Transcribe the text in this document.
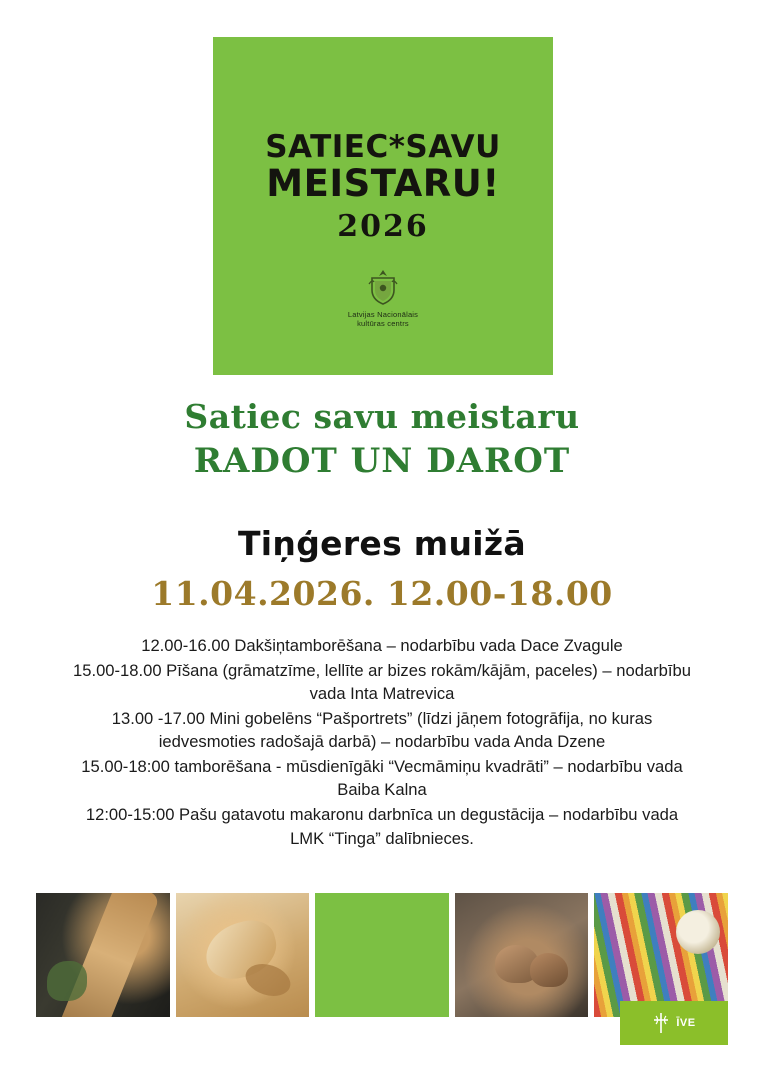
SATIEC*SAVU
MEISTARU!
2026
Latvijas Nacionālais
kultūras centrs
Satiec savu meistaru
RADOT UN DAROT
Tiņģeres muižā
11.04.2026. 12.00-18.00

12.00-16.00 Dakšiņtamborēšana – nodarbību vada Dace Zvagule

15.00-18.00 Pīšana (grāmatzīme, lellīte ar bizes rokām/kājām, paceles) – nodarbību vada Inta Matrevica

13.00 -17.00 Mini gobelēns “Pašportrets” (līdzi jāņem fotogrāfija, no kuras iedvesmoties radošajā darbā) – nodarbību vada Anda Dzene

15.00-18:00 tamborēšana - mūsdienīgāki “Vecmāmiņu kvadrāti” – nodarbību vada Baiba Kalna

12:00-15:00 Pašu gatavotu makaronu darbnīca un degustācija – nodarbību vada LMK “Tinga” dalībnieces.

ĪVE
